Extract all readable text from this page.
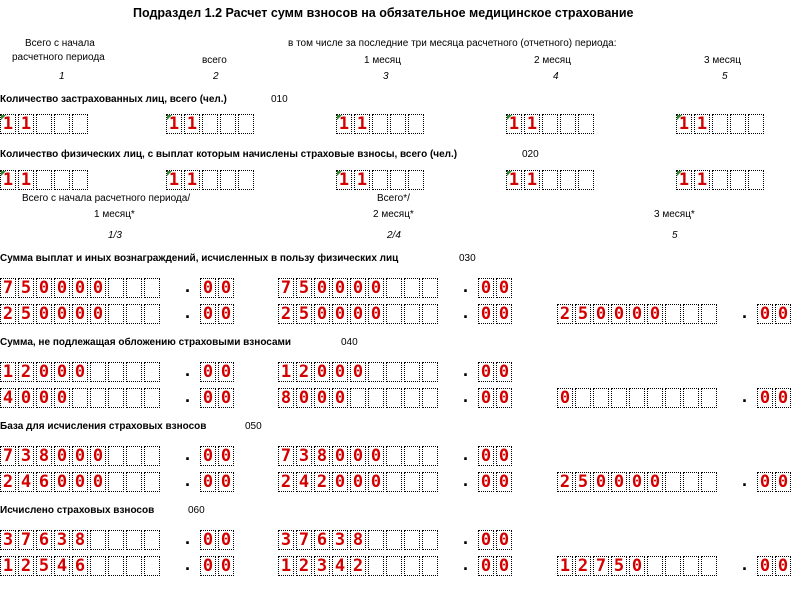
Подраздел 1.2 Расчет сумм взносов на обязательное медицинское страхование
Всего с начала
расчетного периода
в том числе за последние три месяца расчетного (отчетного) периода:
всего	1 месяц	2 месяц	3 месяц
1	2	3	4	5
Количество застрахованных лиц, всего (чел.)	010
1 1	1 1	1 1	1 1	1 1
Количество физических лиц, с выплат которым начислены страховые взносы, всего (чел.)	020
1 1	1 1	1 1	1 1	1 1
Всего с начала расчетного периода/
1 месяц*
Всего*/
2 месяц*	3 месяц*
1/3	2/4	5
Сумма выплат и иных вознаграждений, исчисленных в пользу физических лиц	030
7 5 0 0 0 0	. 0 0	7 5 0 0 0 0	. 0 0
2 5 0 0 0 0	. 0 0	2 5 0 0 0 0	. 0 0	2 5 0 0 0 0	. 0 0
Сумма, не подлежащая обложению страховыми взносами	040
1 2 0 0 0	. 0 0	1 2 0 0 0	. 0 0
4 0 0 0	. 0 0	8 0 0 0	. 0 0	0	. 0 0
База для исчисления страховых взносов	050
7 3 8 0 0 0	. 0 0	7 3 8 0 0 0	. 0 0
2 4 6 0 0 0	. 0 0	2 4 2 0 0 0	. 0 0	2 5 0 0 0 0	. 0 0
Исчислено страховых взносов	060
3 7 6 3 8	. 0 0	3 7 6 3 8	. 0 0
1 2 5 4 6	. 0 0	1 2 3 4 2	. 0 0	1 2 7 5 0	. 0 0
